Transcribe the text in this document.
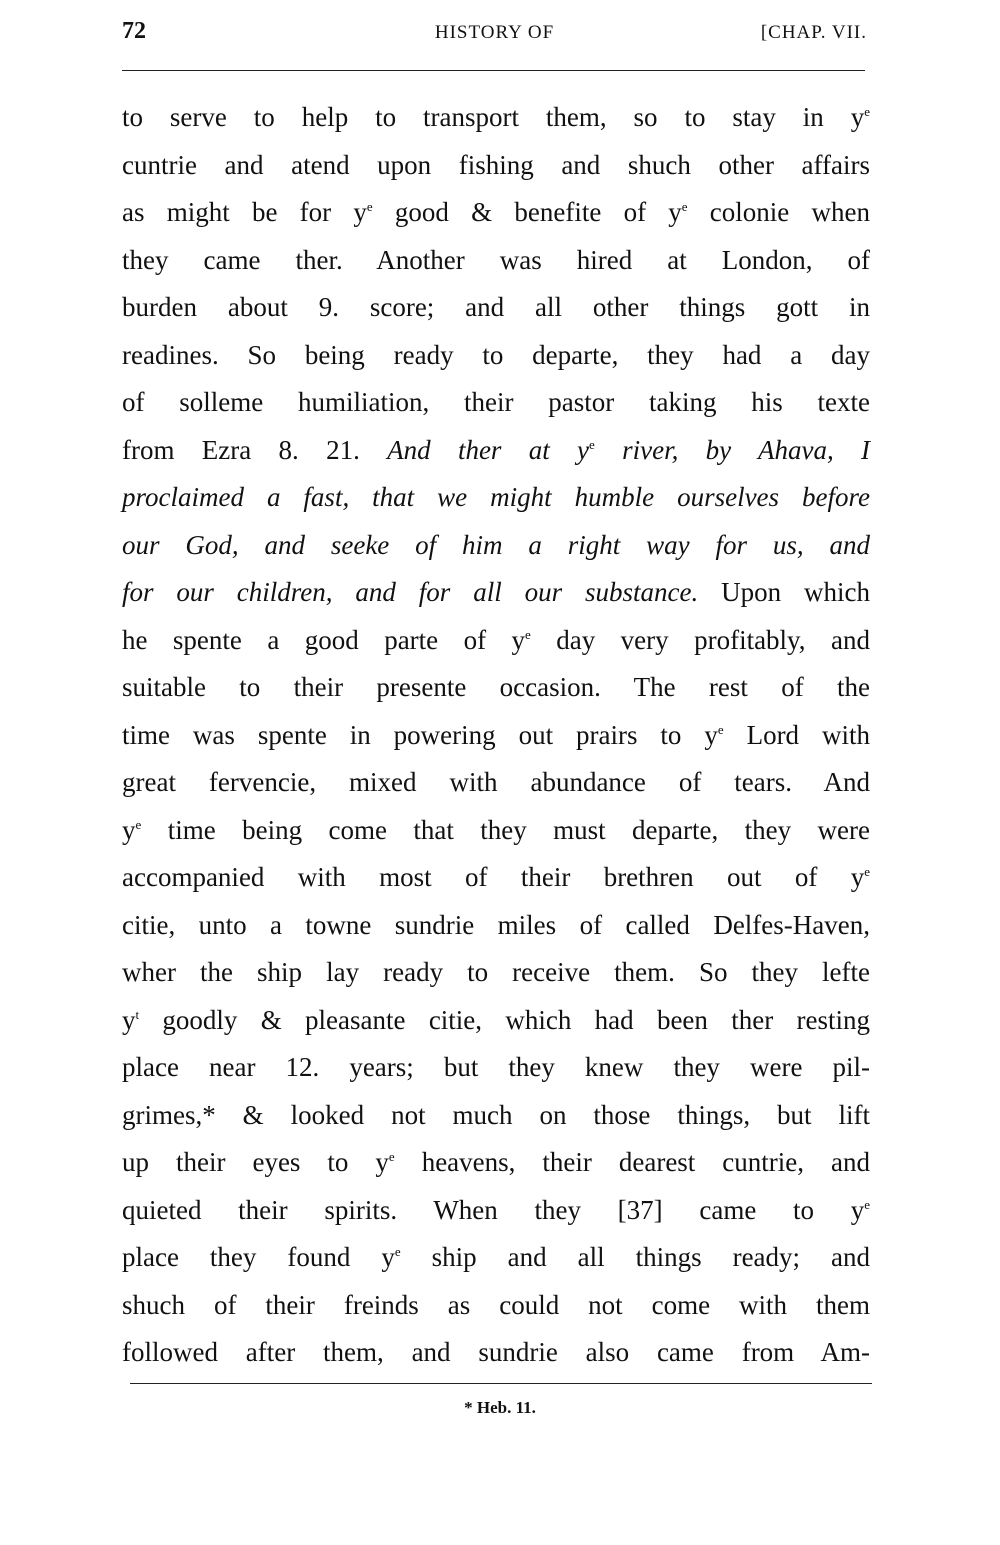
72	HISTORY OF	[CHAP. VII.
to serve to help to transport them, so to stay in $y^e$
cuntrie and atend upon fishing and shuch other affairs
as might be for $y^e$ good & benefite of $y^e$ colonie when
they came ther. Another was hired at London, of
burden about 9. score; and all other things gott in
readines. So being ready to departe, they had a day
of solleme humiliation, their pastor taking his texte
from Ezra 8. 21. And ther at $y^e$ river, by Ahava, I
proclaimed a fast, that we might humble ourselves before
our God, and seeke of him a right way for us, and
for our children, and for all our substance. Upon which
he spente a good parte of $y^e$ day very profitably, and
suitable to their presente occasion. The rest of the
time was spente in powering out prairs to $y^e$ Lord with
great fervencie, mixed with abundance of tears. And
$y^e$ time being come that they must departe, they were
accompanied with most of their brethren out of $y^e$
citie, unto a towne sundrie miles of called Delfes-Haven,
wher the ship lay ready to receive them. So they lefte
$y^t$ goodly & pleasante citie, which had been ther resting
place near 12. years; but they knew they were pil-
grimes,* & looked not much on those things, but lift
up their eyes to $y^e$ heavens, their dearest cuntrie, and
quieted their spirits. When they [37] came to $y^e$
place they found $y^e$ ship and all things ready; and
shuch of their freinds as could not come with them
followed after them, and sundrie also came from Am-
* Heb. 11.
